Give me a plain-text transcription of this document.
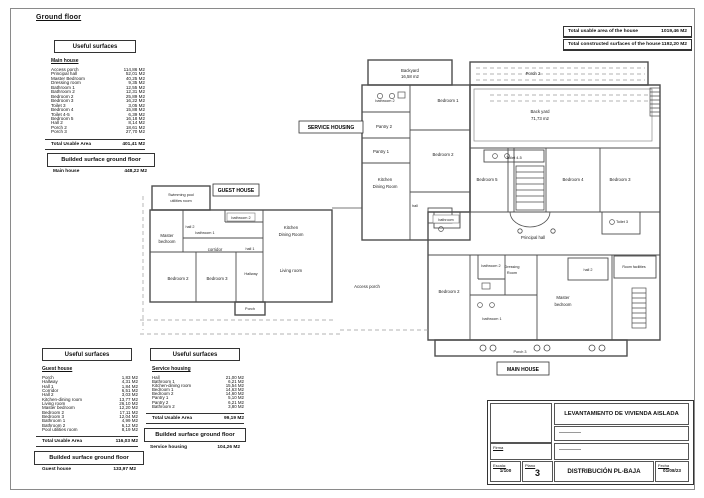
Ground floor
Total usable area of the house	1019,46 M2
Total constructed surfaces of the house 1192,20 M2
Useful surfaces
Main house
Access porch	114,86 M2
Principal hall	52,01 M2
Master Bedroom	40,25 M2
Dressing room	9,35 M2
Bathroom 1	12,55 M2
Bathroom 2	12,31 M2
Bedroom 2	25,89 M2
Bedroom 3	16,22 M2
Toilet 3	3,05 M2
Bedroom 4	15,88 M2
Toilet 4-5	6,39 M2
Bedroom 5	16,18 M2
Hall 2	8,14 M2
Porch 2	18,61 M2
Porch 3	27,70 M2
Total Usable Area	401,41 M2
Builded surface ground floor
Main house	448,22 M2
Useful surfaces
Guest house
Porch	1,83 M2
Hallway	4,31 M2
Hall 1	1,84 M2
Corridor	6,51 M2
Hall 2	3,03 M2
Kitchen-dining room	13,77 M2
Living room	26,10 M2
Master bedroom	12,20 M2
Bedroom 2	17,11 M2
Bedroom 3	12,04 M2
Bathroom 1	4,99 M2
Bathroom 2	6,12 M2
Pool utilities room	8,19 M2
Total Usable Area	116,03 M2
Builded surface ground floor
Guest house	133,97 M2
Useful surfaces
Service housing
Hall	21,00 M2
Bathroom 1	6,21 M2
Kitchen-dining room	15,54 M2
Bedroom 1	14,63 M2
Bedroom 2	14,60 M2
Pantry 1	5,10 M2
Pantry 2	6,21 M2
Bathroom 2	3,80 M2
Total Usable Area	99,19 M2
Builded surface ground floor
Service housing	104,26 M2
GUEST HOUSE
SERVICE HOUSING
MAIN HOUSE
Swimming pool
utilities room
hall 2
bathroom 1
bathroom 2
Master
bedroom
corridor	hall 1
Kitchen
Dining Room
Living room
Bedroom 2	Bedroom 3
Hallway
Porch
Backyard
16,58 m2
bathroom 2	Bedroom 1
Pantry 2
Pantry 1
Kitchen
Dining Room
Bedroom 2
hall
bathroom
Porch 2
Back yard
71,73 m2
Toilet 4-5
Bedroom 5	Bedroom 4	Bedroom 3
Toilet 3
Principal hall
Room facilities
hall 2
Dressing
Room
bathroom 2
Bedroom 2
bathroom 1
Master
bedroom
Access porch
Porch 3
LEVANTAMIENTO DE VIVIENDA AISLADA
Firma
Escala:
1/100
Plano
3	DISTRIBUCIÓN PL-BAJA
Fecha
01/08/23
